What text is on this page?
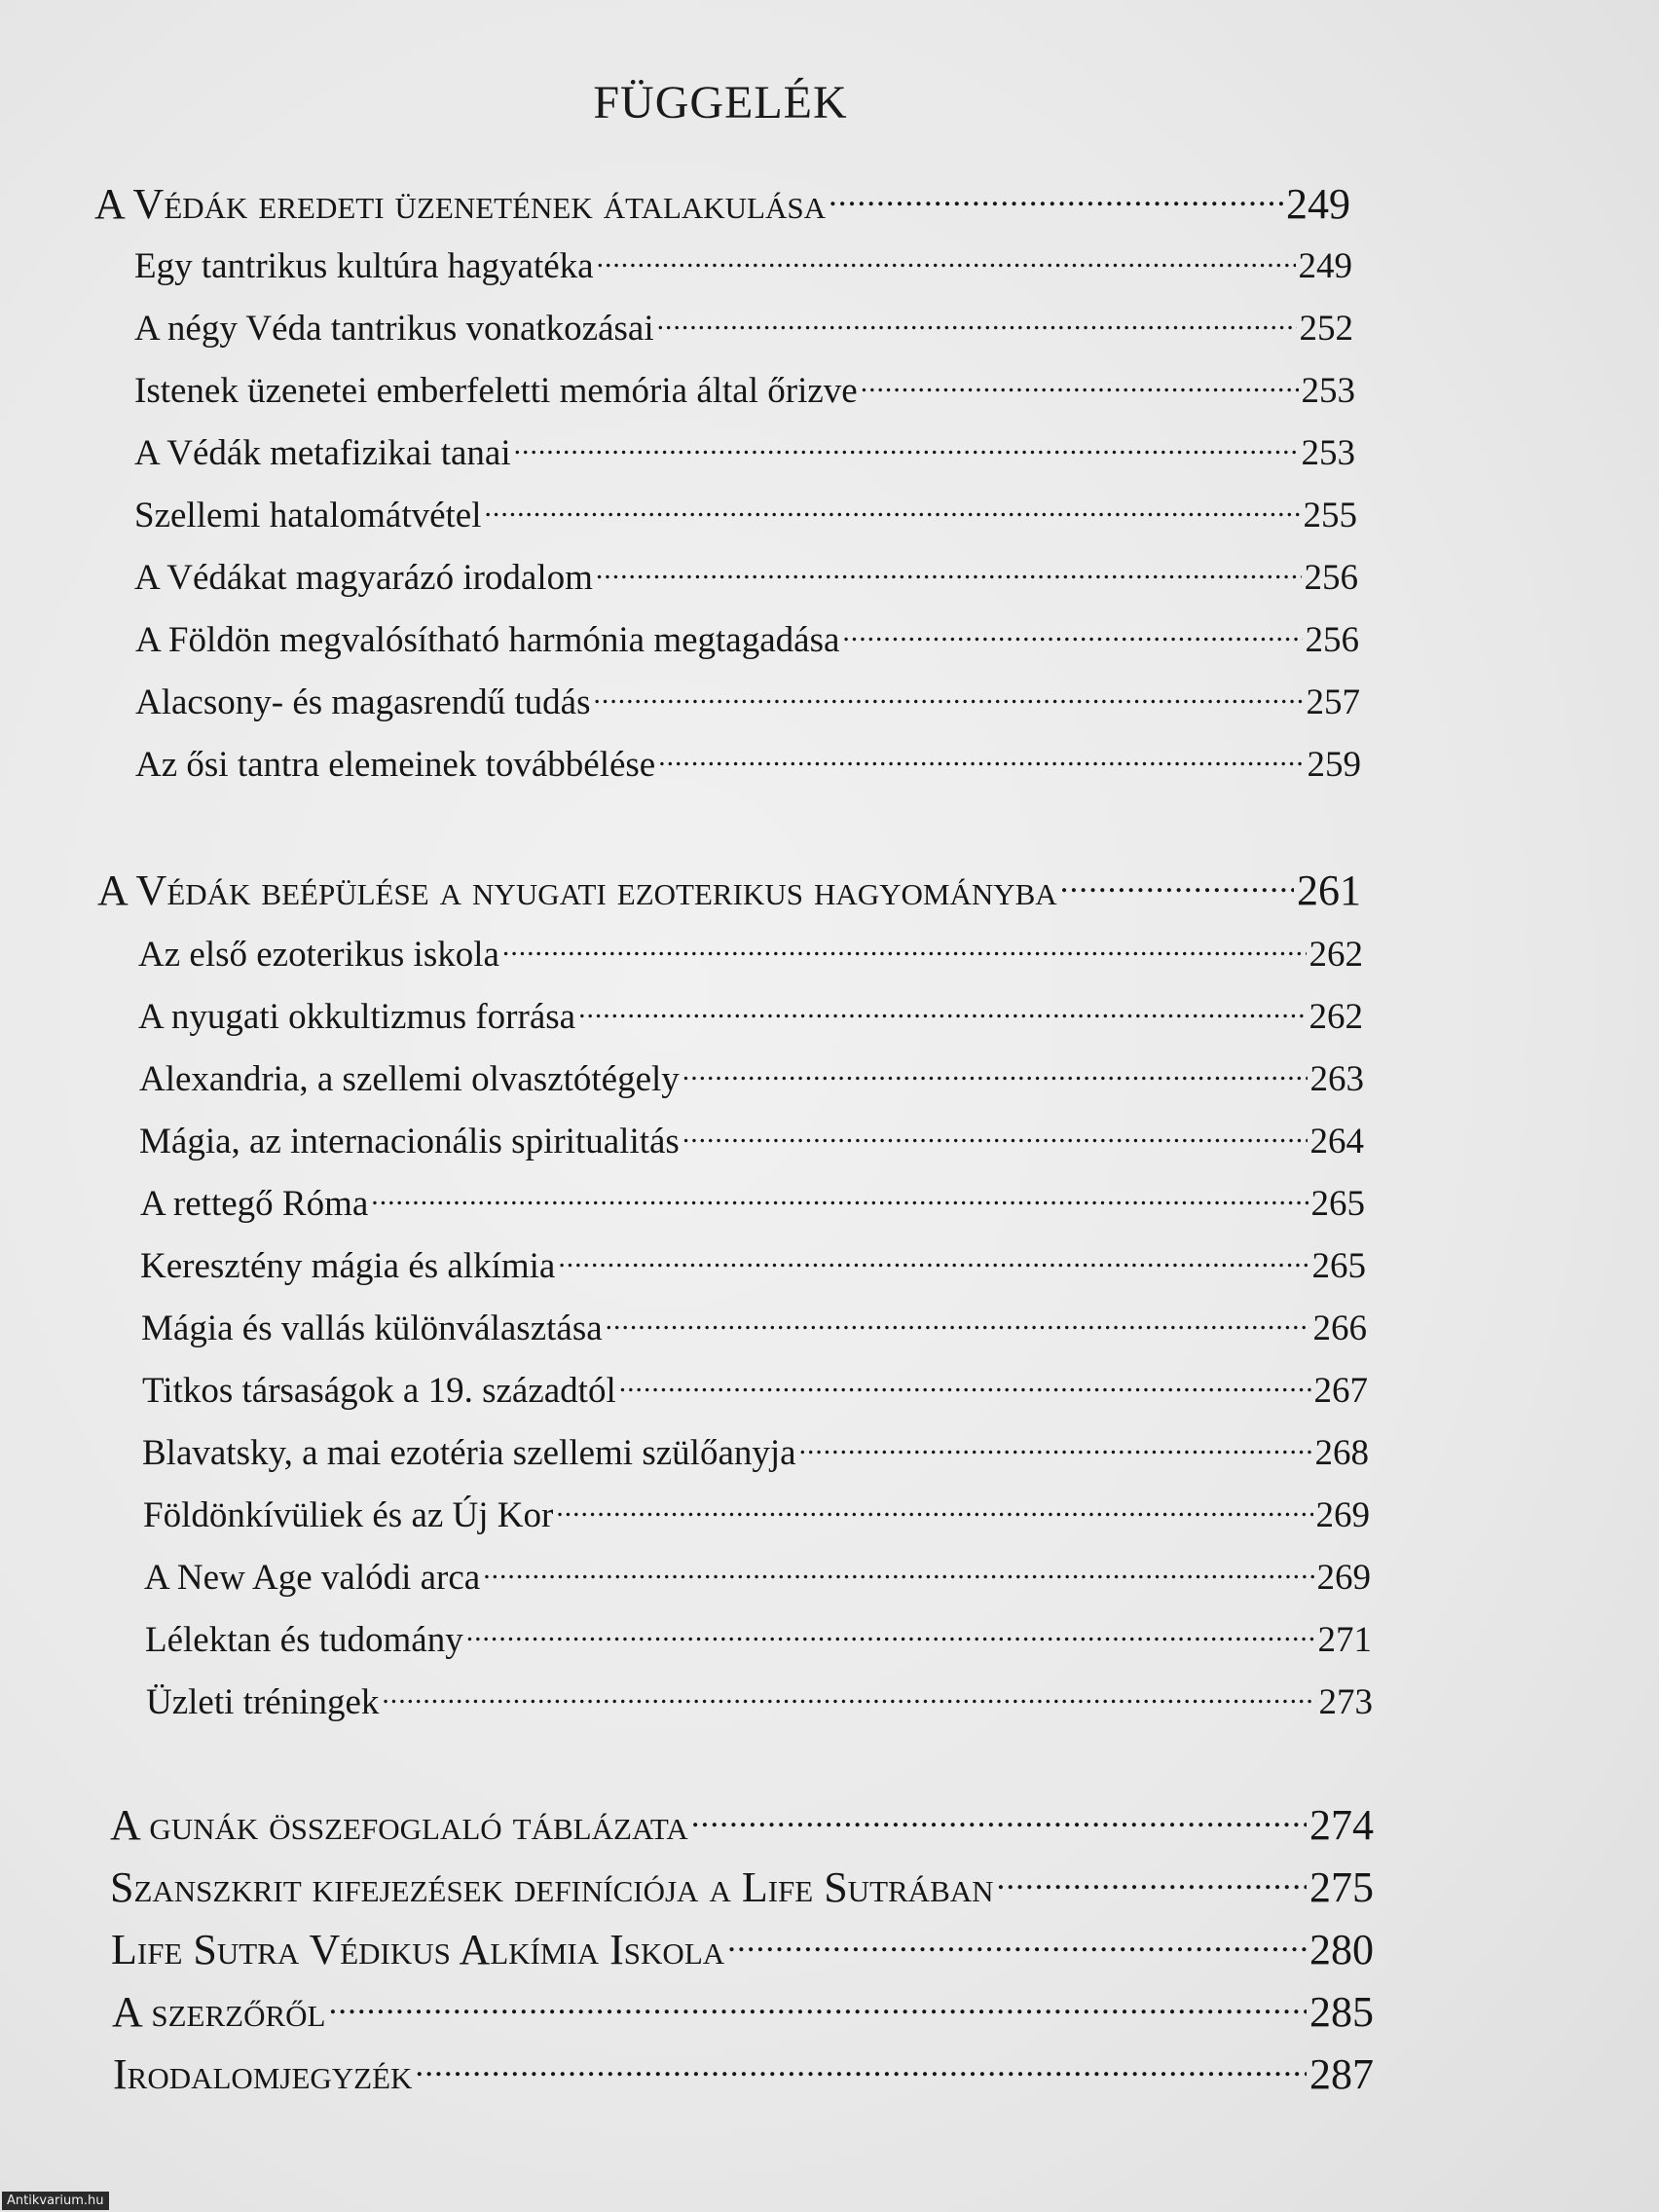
FÜGGELÉK
A Védák eredeti üzenetének átalakulása .....	249
Egy tantrikus kultúra hagyatéka .....	249
A négy Véda tantrikus vonatkozásai .....	252
Istenek üzenetei emberfeletti memória által őrizve .....	253
A Védák metafizikai tanai .....	253
Szellemi hatalomátvétel .....	255
A Védákat magyarázó irodalom .....	256
A Földön megvalósítható harmónia megtagadása .....	256
Alacsony- és magasrendű tudás .....	257
Az ősi tantra elemeinek továbbélése .....	259
A Védák beépülése a nyugati ezoterikus hagyományba .....	261
Az első ezoterikus iskola .....	262
A nyugati okkultizmus forrása .....	262
Alexandria, a szellemi olvasztótégely .....	263
Mágia, az internacionális spiritualitás .....	264
A rettegő Róma .....	265
Keresztény mágia és alkímia .....	265
Mágia és vallás különválasztása .....	266
Titkos társaságok a 19. századtól .....	267
Blavatsky, a mai ezotéria szellemi szülőanyja .....	268
Földönkívüliek és az Új Kor .....	269
A New Age valódi arca .....	269
Lélektan és tudomány .....	271
Üzleti tréningek .....	273
A gunák összefoglaló táblázata .....	274
Szanszkrit kifejezések definíciója a Life Sutrában .....	275
Life Sutra Védikus Alkímia Iskola .....	280
A szerzőről .....	285
Irodalomjegyzék .....	287
Antikvarium.hu
